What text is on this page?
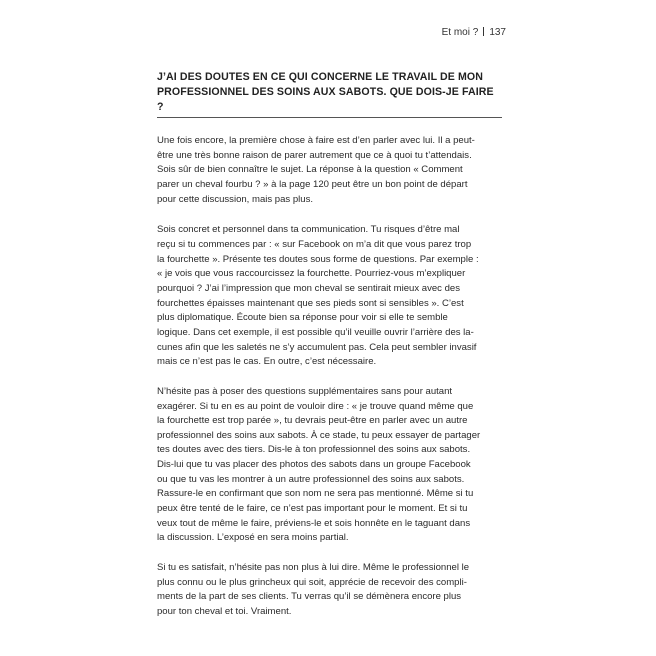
Et moi ? 137
J’AI DES DOUTES EN CE QUI CONCERNE LE TRAVAIL DE MON
PROFESSIONNEL DES SOINS AUX SABOTS. QUE DOIS-JE FAIRE ?

Une fois encore, la première chose à faire est d’en parler avec lui. Il a peut-
être une très bonne raison de parer autrement que ce à quoi tu t’attendais.
Sois sûr de bien connaître le sujet. La réponse à la question « Comment
parer un cheval fourbu ? » à la page 120 peut être un bon point de départ
pour cette discussion, mais pas plus.

Sois concret et personnel dans ta communication. Tu risques d’être mal
reçu si tu commences par : « sur Facebook on m’a dit que vous parez trop
la fourchette ». Présente tes doutes sous forme de questions. Par exemple :
« je vois que vous raccourcissez la fourchette. Pourriez-vous m’expliquer
pourquoi ? J’ai l’impression que mon cheval se sentirait mieux avec des
fourchettes épaisses maintenant que ses pieds sont si sensibles ». C’est
plus diplomatique. Écoute bien sa réponse pour voir si elle te semble
logique. Dans cet exemple, il est possible qu’il veuille ouvrir l’arrière des la-
cunes afin que les saletés ne s’y accumulent pas. Cela peut sembler invasif
mais ce n’est pas le cas. En outre, c’est nécessaire.

N’hésite pas à poser des questions supplémentaires sans pour autant
exagérer. Si tu en es au point de vouloir dire : « je trouve quand même que
la fourchette est trop parée », tu devrais peut-être en parler avec un autre
professionnel des soins aux sabots. À ce stade, tu peux essayer de partager
tes doutes avec des tiers. Dis-le à ton professionnel des soins aux sabots.
Dis-lui que tu vas placer des photos des sabots dans un groupe Facebook
ou que tu vas les montrer à un autre professionnel des soins aux sabots.
Rassure-le en confirmant que son nom ne sera pas mentionné. Même si tu
peux être tenté de le faire, ce n’est pas important pour le moment. Et si tu
veux tout de même le faire, préviens-le et sois honnête en le taguant dans
la discussion. L’exposé en sera moins partial.

Si tu es satisfait, n’hésite pas non plus à lui dire. Même le professionnel le
plus connu ou le plus grincheux qui soit, apprécie de recevoir des compli-
ments de la part de ses clients. Tu verras qu’il se démènera encore plus
pour ton cheval et toi. Vraiment.
